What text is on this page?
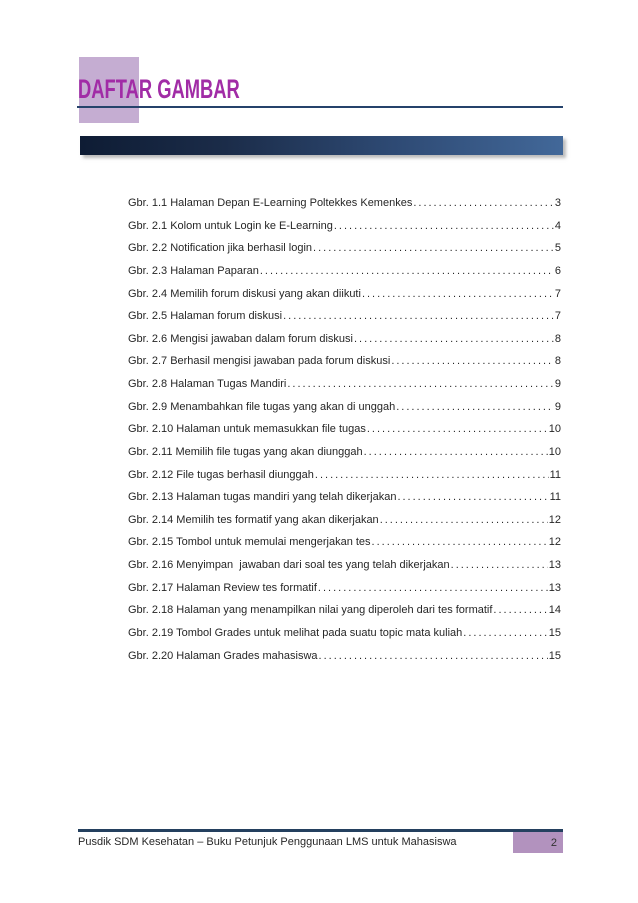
DAFTAR GAMBAR
Gbr. 1.1 Halaman Depan E-Learning Poltekkes Kemenkes .....	3
Gbr. 2.1 Kolom untuk Login ke E-Learning .....	4
Gbr. 2.2 Notification jika berhasil login .....	5
Gbr. 2.3 Halaman Paparan .....	6
Gbr. 2.4 Memilih forum diskusi yang akan diikuti .....	7
Gbr. 2.5 Halaman forum diskusi .....	7
Gbr. 2.6 Mengisi jawaban dalam forum diskusi .....	8
Gbr. 2.7 Berhasil mengisi jawaban pada forum diskusi .....	8
Gbr. 2.8 Halaman Tugas Mandiri .....	9
Gbr. 2.9 Menambahkan file tugas yang akan di unggah .....	9
Gbr. 2.10 Halaman untuk memasukkan file tugas .....	10
Gbr. 2.11 Memilih file tugas yang akan diunggah .....	10
Gbr. 2.12 File tugas berhasil diunggah .....	11
Gbr. 2.13 Halaman tugas mandiri yang telah dikerjakan .....	11
Gbr. 2.14 Memilih tes formatif yang akan dikerjakan .....	12
Gbr. 2.15 Tombol untuk memulai mengerjakan tes .....	12
Gbr. 2.16 Menyimpan  jawaban dari soal tes yang telah dikerjakan .....	13
Gbr. 2.17 Halaman Review tes formatif .....	13
Gbr. 2.18 Halaman yang menampilkan nilai yang diperoleh dari tes formatif .....	14
Gbr. 2.19 Tombol Grades untuk melihat pada suatu topic mata kuliah .....	15
Gbr. 2.20 Halaman Grades mahasiswa .....	15
Pusdik SDM Kesehatan – Buku Petunjuk Penggunaan LMS untuk Mahasiswa	2
